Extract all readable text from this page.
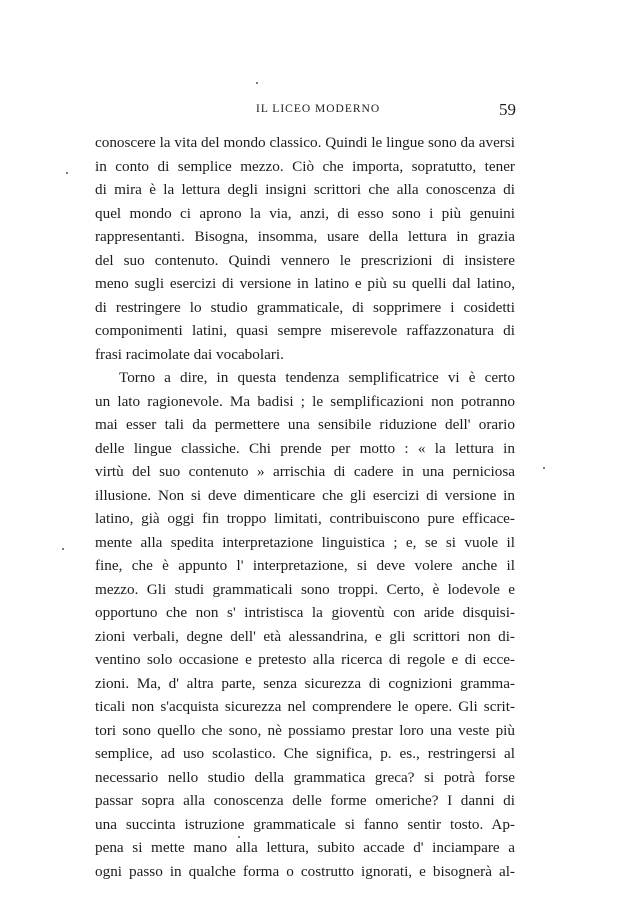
IL LICEO MODERNO	59
conoscere la vita del mondo classico. Quindi le lingue sono da aversi
in conto di semplice mezzo. Ciò che importa, sopratutto, tener
di mira è la lettura degli insigni scrittori che alla conoscenza di
quel mondo ci aprono la via, anzi, di esso sono i più genuini
rappresentanti. Bisogna, insomma, usare della lettura in grazia
del suo contenuto. Quindi vennero le prescrizioni di insistere
meno sugli esercizi di versione in latino e più su quelli dal latino,
di restringere lo studio grammaticale, di sopprimere i cosidetti
componimenti latini, quasi sempre miserevole raffazzonatura di
frasi racimolate dai vocabolari.
Torno a dire, in questa tendenza semplificatrice vi è certo
un lato ragionevole. Ma badisi ; le semplificazioni non potranno
mai esser tali da permettere una sensibile riduzione dell' orario
delle lingue classiche. Chi prende per motto : « la lettura in
virtù del suo contenuto » arrischia di cadere in una perniciosa
illusione. Non si deve dimenticare che gli esercizi di versione in
latino, già oggi fin troppo limitati, contribuiscono pure efficace-
mente alla spedita interpretazione linguistica ; e, se si vuole il
fine, che è appunto l' interpretazione, si deve volere anche il
mezzo. Gli studi grammaticali sono troppi. Certo, è lodevole e
opportuno che non s' intristisca la gioventù con aride disquisi-
zioni verbali, degne dell' età alessandrina, e gli scrittori non di-
ventino solo occasione e pretesto alla ricerca di regole e di ecce-
zioni. Ma, d' altra parte, senza sicurezza di cognizioni gramma-
ticali non s'acquista sicurezza nel comprendere le opere. Gli scrit-
tori sono quello che sono, nè possiamo prestar loro una veste più
semplice, ad uso scolastico. Che significa, p. es., restringersi al
necessario nello studio della grammatica greca? si potrà forse
passar sopra alla conoscenza delle forme omeriche? I danni di
una succinta istruzione grammaticale si fanno sentir tosto. Ap-
pena si mette mano alla lettura, subito accade d' inciampare a
ogni passo in qualche forma o costrutto ignorati, e bisognerà al-
